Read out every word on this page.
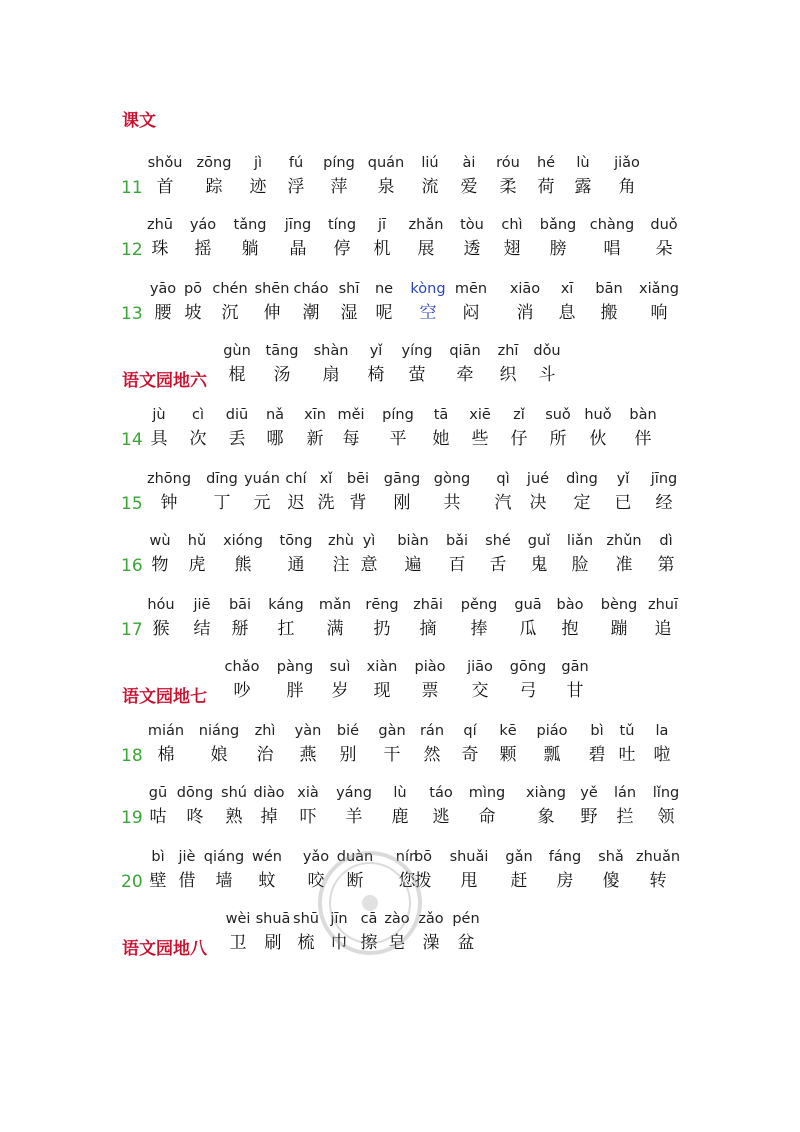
课文
11
shǒu
首
zōng
踪
jì
迹
fú
浮
píng
萍
quán
泉
liú
流
ài
爱
róu
柔
hé
荷
lù
露
jiǎo
角
12
zhū
珠
yáo
摇
tǎng
躺
jīng
晶
tíng
停
jī
机
zhǎn
展
tòu
透
chì
翅
bǎng
膀
chàng
唱
duǒ
朵
13
yāo
腰
pō
坡
chén
沉
shēn
伸
cháo
潮
shī
湿
ne
呢
kòng
空
mēn
闷
xiāo
消
xī
息
bān
搬
xiǎng
响
语文园地六
gùn
棍
tāng
汤
shàn
扇
yǐ
椅
yíng
萤
qiān
牵
zhī
织
dǒu
斗
14
jù
具
cì
次
diū
丢
nǎ
哪
xīn
新
měi
每
píng
平
tā
她
xiē
些
zǐ
仔
suǒ
所
huǒ
伙
bàn
伴
15
zhōng
钟
dīng
丁
yuán
元
chí
迟
xǐ
洗
bēi
背
gāng
刚
gòng
共
qì
汽
jué
决
dìng
定
yǐ
已
jīng
经
16
wù
物
hǔ
虎
xióng
熊
tōng
通
zhù
注
yì
意
biàn
遍
bǎi
百
shé
舌
guǐ
鬼
liǎn
脸
zhǔn
准
dì
第
17
hóu
猴
jiē
结
bāi
掰
káng
扛
mǎn
满
rēng
扔
zhāi
摘
pěng
捧
guā
瓜
bào
抱
bèng
蹦
zhuī
追
语文园地七
chǎo
吵
pàng
胖
suì
岁
xiàn
现
piào
票
jiāo
交
gōng
弓
gān
甘
18
mián
棉
niáng
娘
zhì
治
yàn
燕
bié
别
gàn
干
rán
然
qí
奇
kē
颗
piáo
瓢
bì
碧
tǔ
吐
la
啦
19
gū
咕
dōng
咚
shú
熟
diào
掉
xià
吓
yáng
羊
lù
鹿
táo
逃
mìng
命
xiàng
象
yě
野
lán
拦
lǐng
领
20
bì
壁
jiè
借
qiáng
墙
wén
蚊
yǎo
咬
duàn
断
nín
您
bō
拨
shuǎi
甩
gǎn
赶
fáng
房
shǎ
傻
zhuǎn
转
语文园地八
wèi
卫
shuā
刷
shū
梳
jīn
巾
cā
擦
zào
皂
zǎo
澡
pén
盆
